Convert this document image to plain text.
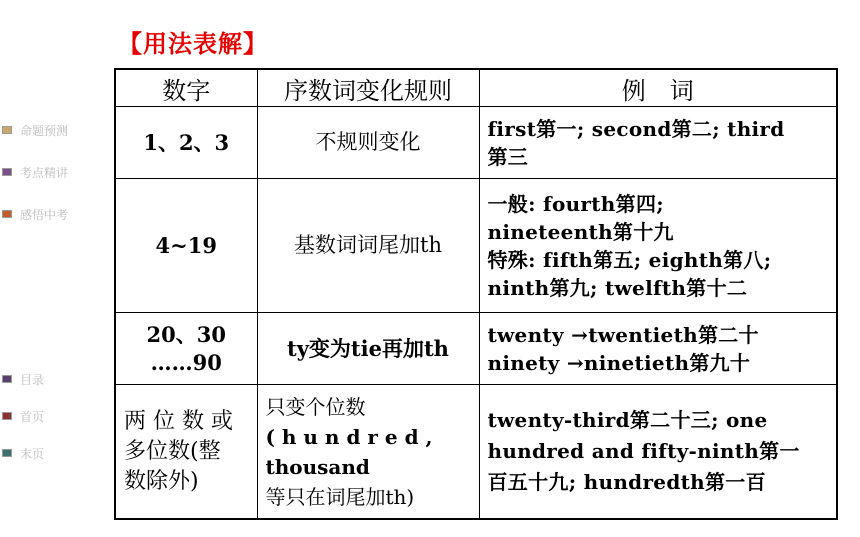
【用法表解】
命题预测
考点精讲
感悟中考
目录
首页
末页
数字	序数词变化规则	例　词
1、2、3	不规则变化	first第一; second第二; third
第三

4~19	基数词词尾加th	一般: fourth第四;
nineteenth第十九
特殊: fifth第五; eighth第八;
ninth第九; twelfth第十二

20、30
……90	ty变为tie再加th	twenty →twentieth第二十
ninety →ninetieth第九十

两 位 数 或
多位数(整
数除外)	只变个位数
( h u n d r e d ,
thousand
等只在词尾加th)	twenty-third第二十三; one
hundred and fifty-ninth第一
百五十九; hundredth第一百
